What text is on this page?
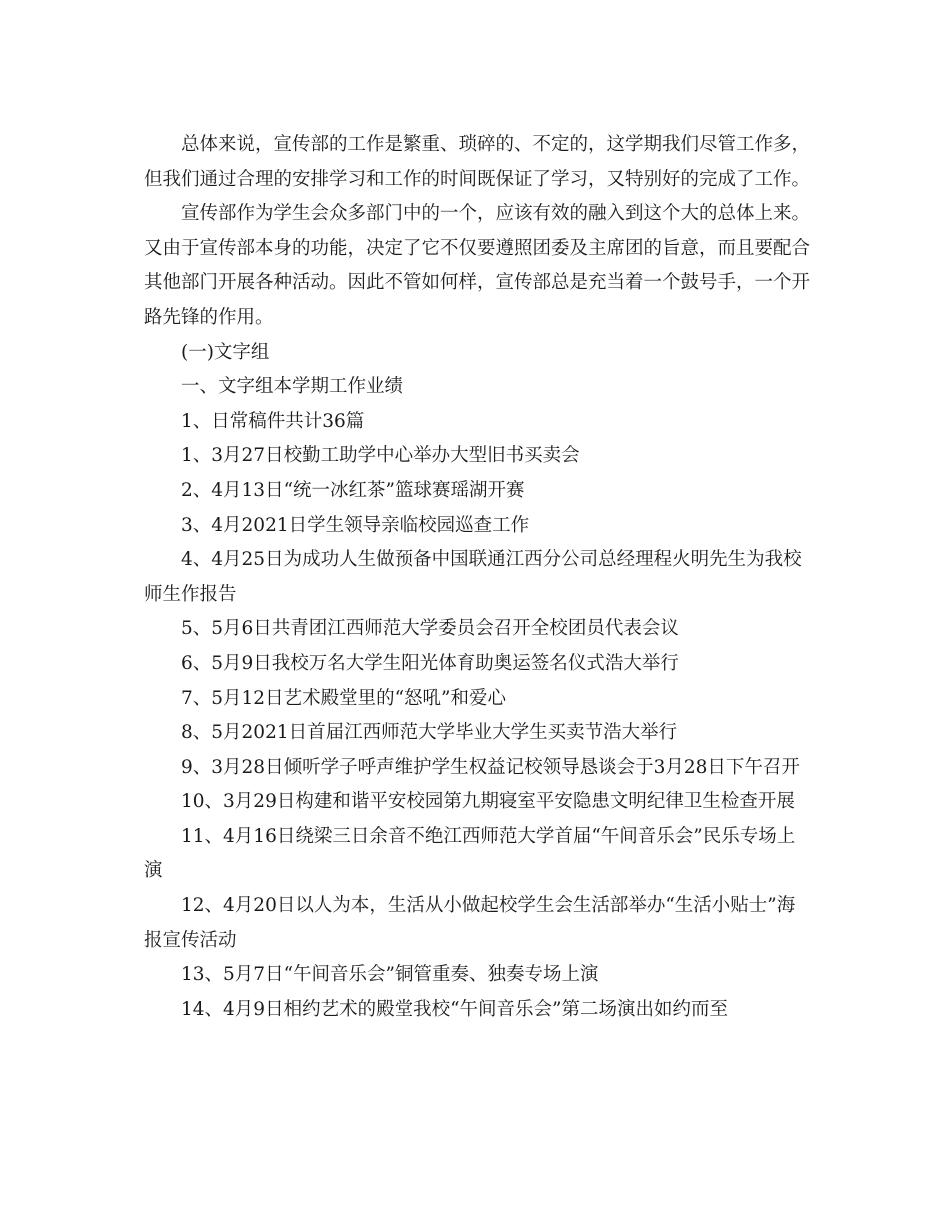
总体来说，宣传部的工作是繁重、琐碎的、不定的，这学期我们尽管工作多，但我们通过合理的安排学习和工作的时间既保证了学习，又特别好的完成了工作。

宣传部作为学生会众多部门中的一个，应该有效的融入到这个大的总体上来。又由于宣传部本身的功能，决定了它不仅要遵照团委及主席团的旨意，而且要配合其他部门开展各种活动。因此不管如何样，宣传部总是充当着一个鼓号手，一个开路先锋的作用。

(一)文字组

一、文字组本学期工作业绩

1、日常稿件共计36篇

1、3月27日校勤工助学中心举办大型旧书买卖会

2、4月13日“统一冰红茶”篮球赛瑶湖开赛

3、4月2021日学生领导亲临校园巡查工作

4、4月25日为成功人生做预备中国联通江西分公司总经理程火明先生为我校师生作报告

5、5月6日共青团江西师范大学委员会召开全校团员代表会议

6、5月9日我校万名大学生阳光体育助奥运签名仪式浩大举行

7、5月12日艺术殿堂里的“怒吼”和爱心

8、5月2021日首届江西师范大学毕业大学生买卖节浩大举行

9、3月28日倾听学子呼声维护学生权益记校领导恳谈会于3月28日下午召开

10、3月29日构建和谐平安校园第九期寝室平安隐患文明纪律卫生检查开展

11、4月16日绕梁三日余音不绝江西师范大学首届“午间音乐会”民乐专场上演

12、4月20日以人为本，生活从小做起校学生会生活部举办“生活小贴士”海报宣传活动

13、5月7日“午间音乐会”铜管重奏、独奏专场上演

14、4月9日相约艺术的殿堂我校“午间音乐会”第二场演出如约而至
